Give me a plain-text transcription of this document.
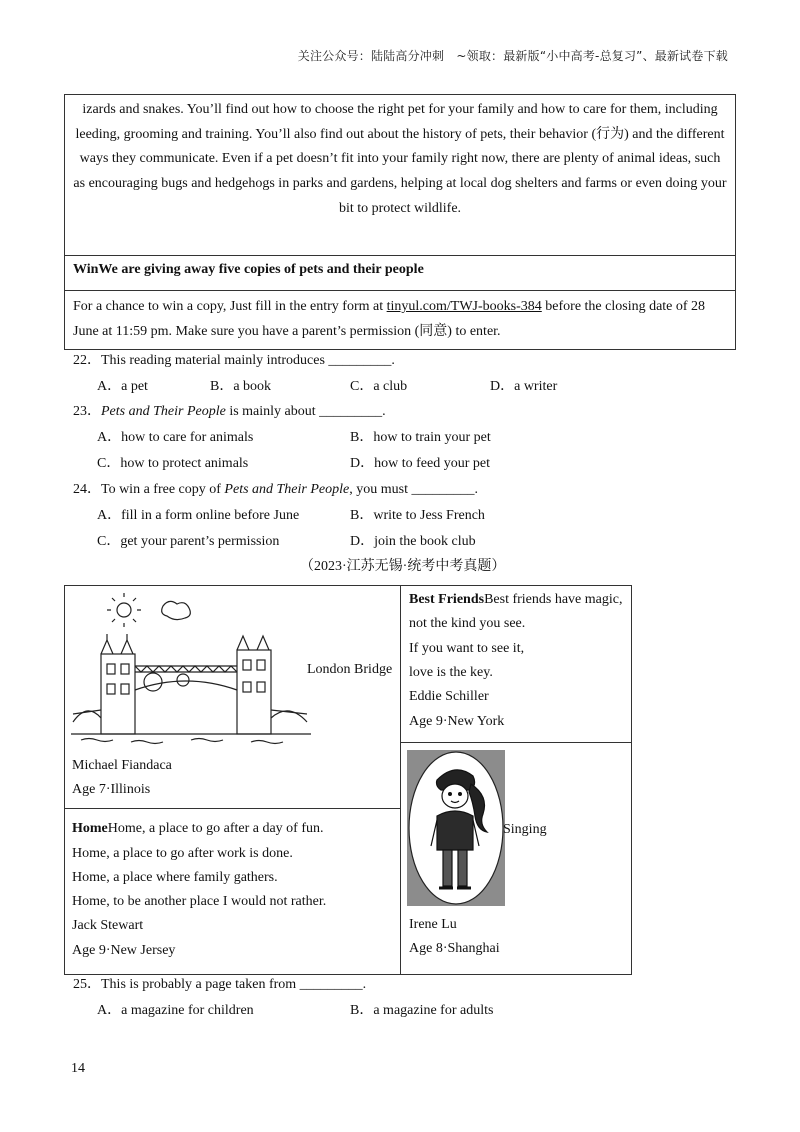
关注公众号：陆陆高分冲刺　~领取：最新版“小中高考-总复习”、最新试卷下载
izards and snakes. You’ll find out how to choose the right pet for your family and how to care for them, including leeding, grooming and training. You’ll also find out about the history of pets, their behavior (行为) and the different ways they communicate. Even if a pet doesn’t fit into your family right now, there are plenty of animal ideas, such as encouraging bugs and hedgehogs in parks and gardens, helping at local dog shelters and farms or even doing your bit to protect wildlife.
WinWe are giving away five copies of pets and their people
For a chance to win a copy, Just fill in the entry form at tinyul.com/TWJ-books-384 before the closing date of 28 June at 11:59 pm. Make sure you have a parent’s permission (同意) to enter.
22．This reading material mainly introduces _________.
A．a pet	B．a book	C．a club	D．a writer
23．Pets and Their People is mainly about _________.
A．how to care for animals	B．how to train your pet
C．how to protect animals	D．how to feed your pet
24．To win a free copy of Pets and Their People, you must _________.
A．fill in a form online before June	B．write to Jess French
C．get your parent’s permission	D．join the book club
（2023·江苏无锡·统考中考真题）
London Bridge
Michael Fiandaca
Age 7·Illinois
Best FriendsBest friends have magic,
not the kind you see.
If you want to see it,
love is the key.
Eddie Schiller
Age 9·New York
HomeHome, a place to go after a day of fun.
Home, a place to go after work is done.
Home, a place where family gathers.
Home, to be another place I would not rather.
Jack Stewart
Age 9·New Jersey
Singing
Irene Lu
Age 8·Shanghai
25．This is probably a page taken from _________.
A．a magazine for children	B．a magazine for adults
14
